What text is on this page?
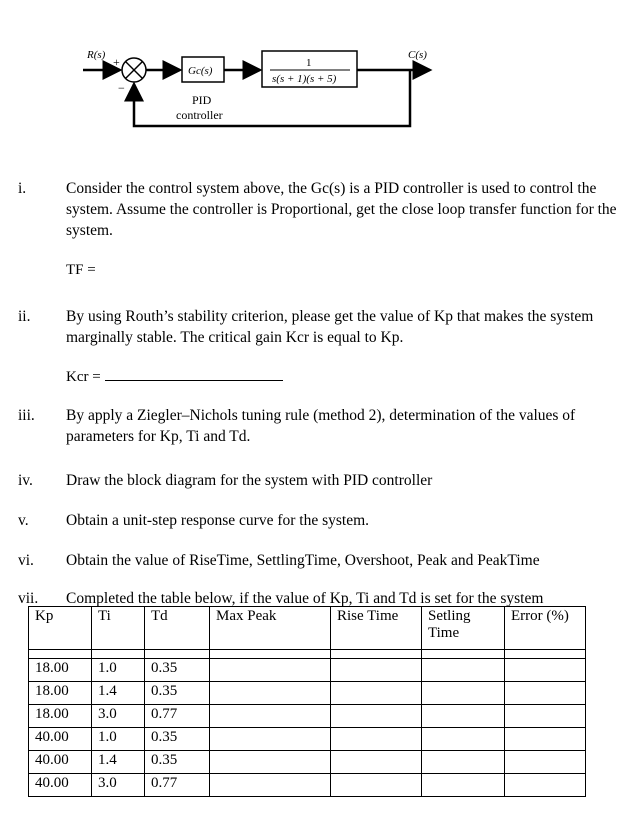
R(s) +
−
Gc(s)
PID
controller
1
s(s + 1)(s + 5)
C(s)
i.	Consider the control system above, the Gc(s) is a PID controller is used to control the system. Assume the controller is Proportional, get the close loop transfer function for the system.
TF =
ii. By using Routh’s stability criterion, please get the value of Kp that makes the system marginally stable. The critical gain Kcr is equal to Kp.
Kcr =
iii. By apply a Ziegler–Nichols tuning rule (method 2), determination of the values of parameters for Kp, Ti and Td.
iv. Draw the block diagram for the system with PID controller
v. Obtain a unit-step response curve for the system.
vi. Obtain the value of RiseTime, SettlingTime, Overshoot, Peak and PeakTime
vii. Completed the table below, if the value of Kp, Ti and Td is set for the system
Kp	Ti	Td	Max Peak	Rise Time	Setling Time	Error (%)

18.00	1.0	0.35				
18.00	1.4	0.35				
18.00	3.0	0.77				
40.00	1.0	0.35				
40.00	1.4	0.35				
40.00	3.0	0.77				
